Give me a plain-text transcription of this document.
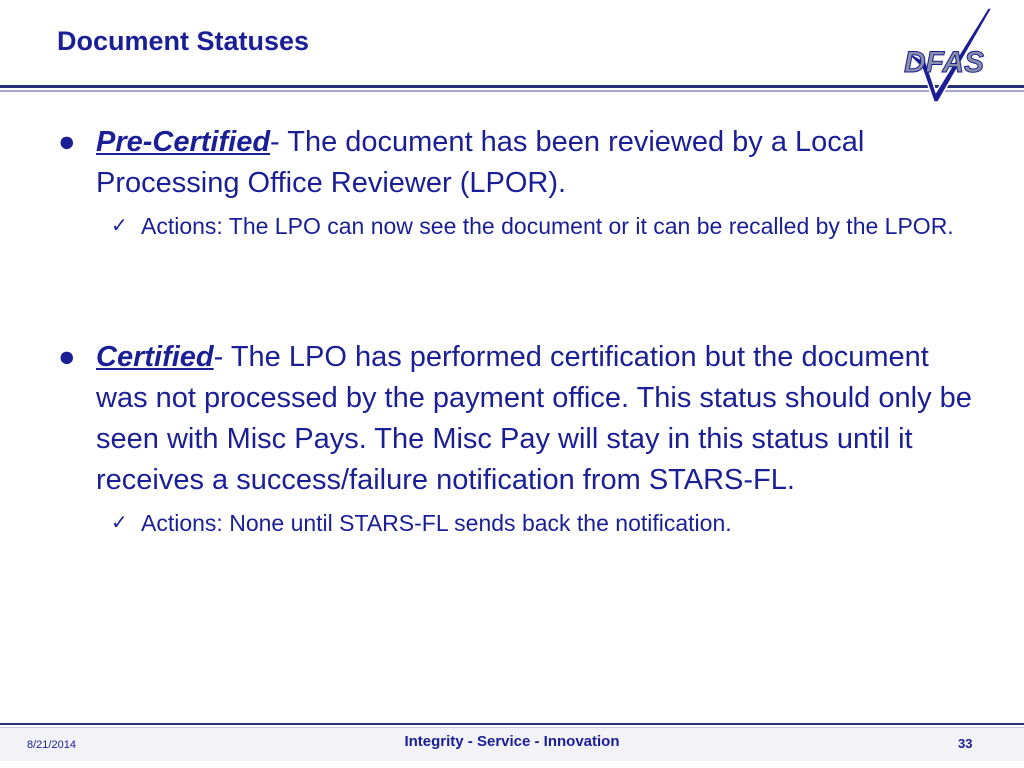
Document Statuses
DFAS
● Pre-Certified- The document has been reviewed by a Local Processing Office Reviewer (LPOR).
✓ Actions: The LPO can now see the document or it can be recalled by the LPOR.
● Certified- The LPO has performed certification but the document was not processed by the payment office. This status should only be seen with Misc Pays. The Misc Pay will stay in this status until it receives a success/failure notification from STARS-FL.
✓ Actions: None until STARS-FL sends back the notification.
8/21/2014	Integrity - Service - Innovation	33
